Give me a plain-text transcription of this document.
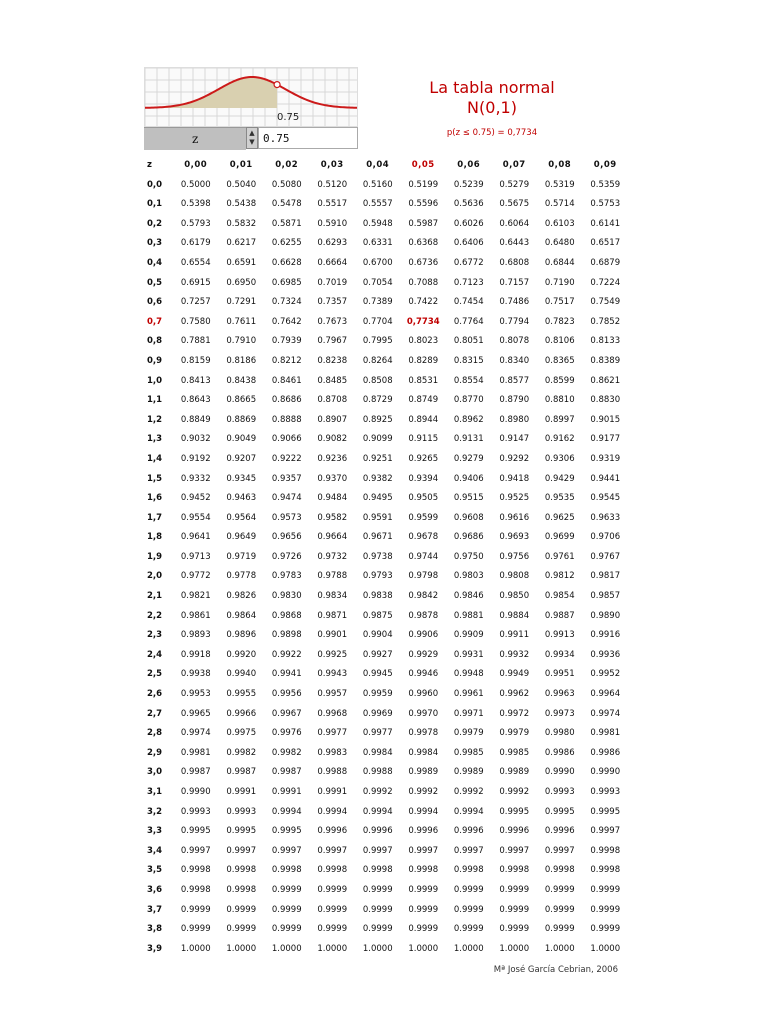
0.75
z	▲
▼
0.75
La tabla normal
N(0,1)
p(z ≤ 0.75) = 0,7734
z	0,00	0,01	0,02	0,03	0,04	0,05	0,06	0,07	0,08	0,09
0,0	0.5000	0.5040	0.5080	0.5120	0.5160	0.5199	0.5239	0.5279	0.5319	0.5359
0,1	0.5398	0.5438	0.5478	0.5517	0.5557	0.5596	0.5636	0.5675	0.5714	0.5753
0,2	0.5793	0.5832	0.5871	0.5910	0.5948	0.5987	0.6026	0.6064	0.6103	0.6141
0,3	0.6179	0.6217	0.6255	0.6293	0.6331	0.6368	0.6406	0.6443	0.6480	0.6517
0,4	0.6554	0.6591	0.6628	0.6664	0.6700	0.6736	0.6772	0.6808	0.6844	0.6879
0,5	0.6915	0.6950	0.6985	0.7019	0.7054	0.7088	0.7123	0.7157	0.7190	0.7224
0,6	0.7257	0.7291	0.7324	0.7357	0.7389	0.7422	0.7454	0.7486	0.7517	0.7549
0,7	0.7580	0.7611	0.7642	0.7673	0.7704	0,7734	0.7764	0.7794	0.7823	0.7852
0,8	0.7881	0.7910	0.7939	0.7967	0.7995	0.8023	0.8051	0.8078	0.8106	0.8133
0,9	0.8159	0.8186	0.8212	0.8238	0.8264	0.8289	0.8315	0.8340	0.8365	0.8389
1,0	0.8413	0.8438	0.8461	0.8485	0.8508	0.8531	0.8554	0.8577	0.8599	0.8621
1,1	0.8643	0.8665	0.8686	0.8708	0.8729	0.8749	0.8770	0.8790	0.8810	0.8830
1,2	0.8849	0.8869	0.8888	0.8907	0.8925	0.8944	0.8962	0.8980	0.8997	0.9015
1,3	0.9032	0.9049	0.9066	0.9082	0.9099	0.9115	0.9131	0.9147	0.9162	0.9177
1,4	0.9192	0.9207	0.9222	0.9236	0.9251	0.9265	0.9279	0.9292	0.9306	0.9319
1,5	0.9332	0.9345	0.9357	0.9370	0.9382	0.9394	0.9406	0.9418	0.9429	0.9441
1,6	0.9452	0.9463	0.9474	0.9484	0.9495	0.9505	0.9515	0.9525	0.9535	0.9545
1,7	0.9554	0.9564	0.9573	0.9582	0.9591	0.9599	0.9608	0.9616	0.9625	0.9633
1,8	0.9641	0.9649	0.9656	0.9664	0.9671	0.9678	0.9686	0.9693	0.9699	0.9706
1,9	0.9713	0.9719	0.9726	0.9732	0.9738	0.9744	0.9750	0.9756	0.9761	0.9767
2,0	0.9772	0.9778	0.9783	0.9788	0.9793	0.9798	0.9803	0.9808	0.9812	0.9817
2,1	0.9821	0.9826	0.9830	0.9834	0.9838	0.9842	0.9846	0.9850	0.9854	0.9857
2,2	0.9861	0.9864	0.9868	0.9871	0.9875	0.9878	0.9881	0.9884	0.9887	0.9890
2,3	0.9893	0.9896	0.9898	0.9901	0.9904	0.9906	0.9909	0.9911	0.9913	0.9916
2,4	0.9918	0.9920	0.9922	0.9925	0.9927	0.9929	0.9931	0.9932	0.9934	0.9936
2,5	0.9938	0.9940	0.9941	0.9943	0.9945	0.9946	0.9948	0.9949	0.9951	0.9952
2,6	0.9953	0.9955	0.9956	0.9957	0.9959	0.9960	0.9961	0.9962	0.9963	0.9964
2,7	0.9965	0.9966	0.9967	0.9968	0.9969	0.9970	0.9971	0.9972	0.9973	0.9974
2,8	0.9974	0.9975	0.9976	0.9977	0.9977	0.9978	0.9979	0.9979	0.9980	0.9981
2,9	0.9981	0.9982	0.9982	0.9983	0.9984	0.9984	0.9985	0.9985	0.9986	0.9986
3,0	0.9987	0.9987	0.9987	0.9988	0.9988	0.9989	0.9989	0.9989	0.9990	0.9990
3,1	0.9990	0.9991	0.9991	0.9991	0.9992	0.9992	0.9992	0.9992	0.9993	0.9993
3,2	0.9993	0.9993	0.9994	0.9994	0.9994	0.9994	0.9994	0.9995	0.9995	0.9995
3,3	0.9995	0.9995	0.9995	0.9996	0.9996	0.9996	0.9996	0.9996	0.9996	0.9997
3,4	0.9997	0.9997	0.9997	0.9997	0.9997	0.9997	0.9997	0.9997	0.9997	0.9998
3,5	0.9998	0.9998	0.9998	0.9998	0.9998	0.9998	0.9998	0.9998	0.9998	0.9998
3,6	0.9998	0.9998	0.9999	0.9999	0.9999	0.9999	0.9999	0.9999	0.9999	0.9999
3,7	0.9999	0.9999	0.9999	0.9999	0.9999	0.9999	0.9999	0.9999	0.9999	0.9999
3,8	0.9999	0.9999	0.9999	0.9999	0.9999	0.9999	0.9999	0.9999	0.9999	0.9999
3,9	1.0000	1.0000	1.0000	1.0000	1.0000	1.0000	1.0000	1.0000	1.0000	1.0000
Mª José García Cebrian, 2006
